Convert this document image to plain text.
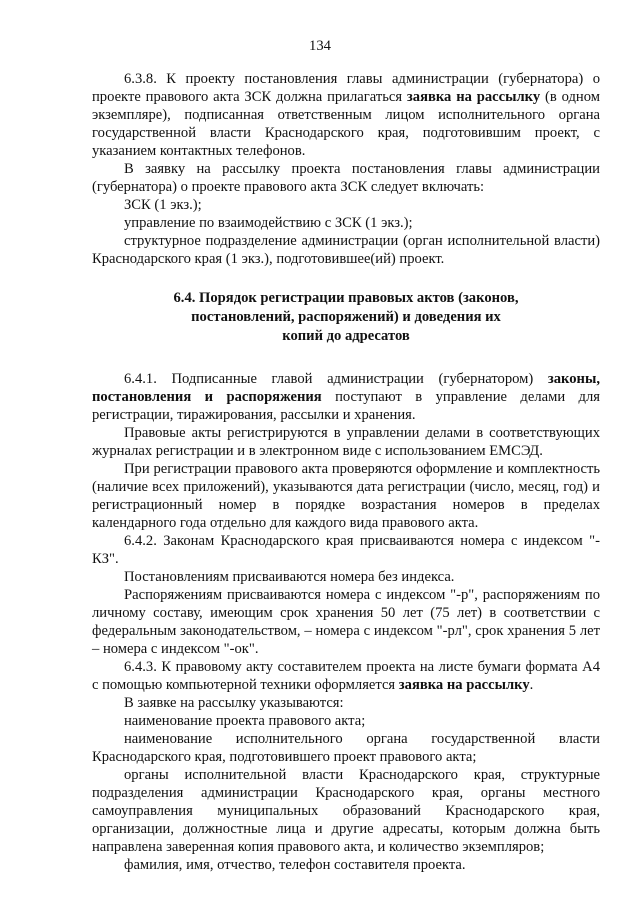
134

6.3.8. К проекту постановления главы администрации (губернатора) о проекте правового акта ЗСК должна прилагаться заявка на рассылку (в одном экземпляре), подписанная ответственным лицом исполнительного органа государственной власти Краснодарского края, подготовившим проект, с указанием контактных телефонов.

В заявку на рассылку проекта постановления главы администрации (губернатора) о проекте правового акта ЗСК следует включать:

ЗСК (1 экз.);

управление по взаимодействию с ЗСК (1 экз.);

структурное подразделение администрации (орган исполнительной власти) Краснодарского края (1 экз.), подготовившее(ий) проект.

6.4. Порядок регистрации правовых актов (законов,
постановлений, распоряжений) и доведения их
копий до адресатов

6.4.1. Подписанные главой администрации (губернатором) законы, постановления и распоряжения поступают в управление делами для регистрации, тиражирования, рассылки и хранения.

Правовые акты регистрируются в управлении делами в соответствующих журналах регистрации и в электронном виде с использованием ЕМСЭД.

При регистрации правового акта проверяются оформление и комплектность (наличие всех приложений), указываются дата регистрации (число, месяц, год) и регистрационный номер в порядке возрастания номеров в пределах календарного года отдельно для каждого вида правового акта.

6.4.2. Законам Краснодарского края присваиваются номера с индексом "-КЗ".

Постановлениям присваиваются номера без индекса.

Распоряжениям присваиваются номера с индексом "-р", распоряжениям по личному составу, имеющим срок хранения 50 лет (75 лет) в соответствии с федеральным законодательством, – номера с индексом "-рл", срок хранения 5 лет – номера с индексом "-ок".

6.4.3. К правовому акту составителем проекта на листе бумаги формата А4 с помощью компьютерной техники оформляется заявка на рассылку.

В заявке на рассылку указываются:

наименование проекта правового акта;

наименование исполнительного органа государственной власти Краснодарского края, подготовившего проект правового акта;

органы исполнительной власти Краснодарского края, структурные подразделения администрации Краснодарского края, органы местного самоуправления муниципальных образований Краснодарского края, организации, должностные лица и другие адресаты, которым должна быть направлена заверенная копия правового акта, и количество экземпляров;

фамилия, имя, отчество, телефон составителя проекта.
